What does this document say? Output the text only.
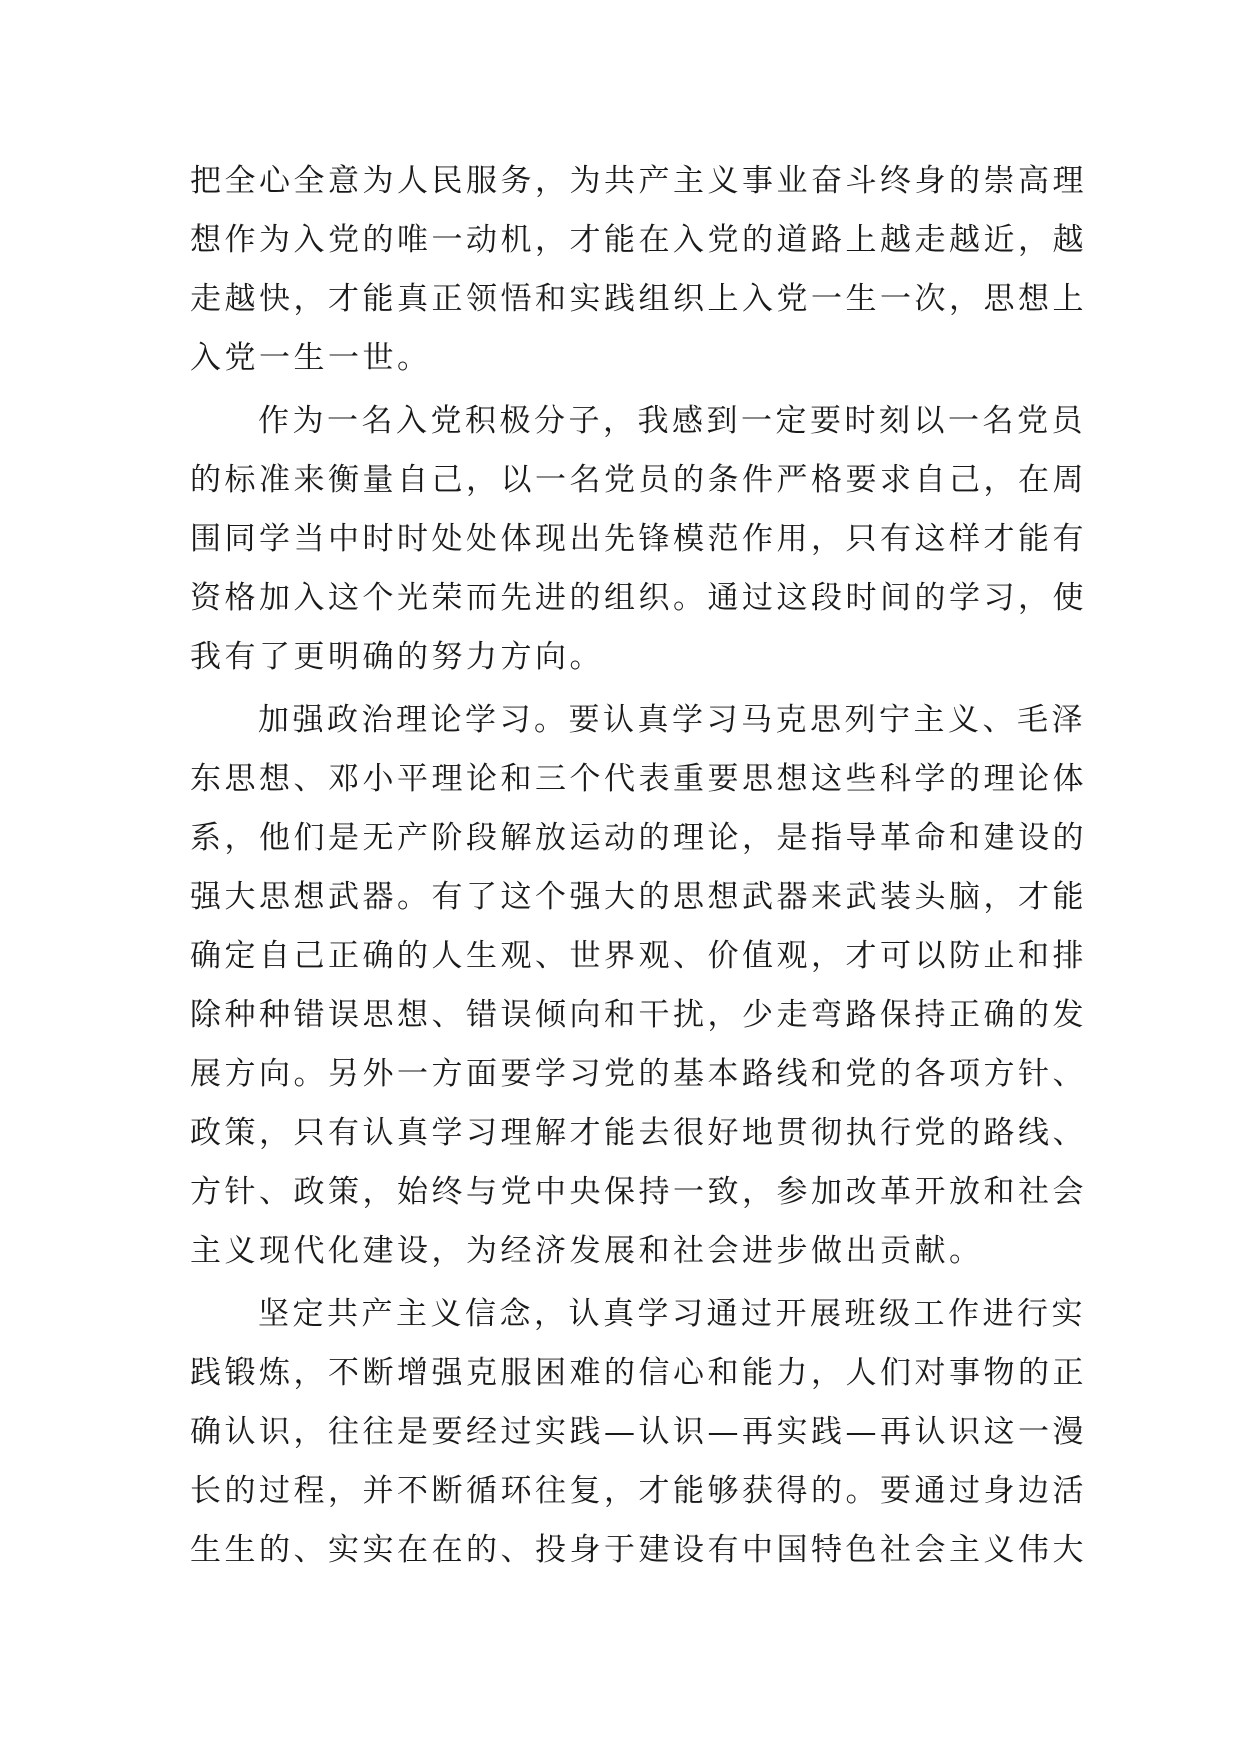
把全心全意为人民服务，为共产主义事业奋斗终身的崇高理
想作为入党的唯一动机，才能在入党的道路上越走越近，越
走越快，才能真正领悟和实践组织上入党一生一次，思想上
入党一生一世。
作为一名入党积极分子，我感到一定要时刻以一名党员
的标准来衡量自己，以一名党员的条件严格要求自己，在周
围同学当中时时处处体现出先锋模范作用，只有这样才能有
资格加入这个光荣而先进的组织。通过这段时间的学习，使
我有了更明确的努力方向。
加强政治理论学习。要认真学习马克思列宁主义、毛泽
东思想、邓小平理论和三个代表重要思想这些科学的理论体
系，他们是无产阶段解放运动的理论，是指导革命和建设的
强大思想武器。有了这个强大的思想武器来武装头脑，才能
确定自己正确的人生观、世界观、价值观，才可以防止和排
除种种错误思想、错误倾向和干扰，少走弯路保持正确的发
展方向。另外一方面要学习党的基本路线和党的各项方针、
政策，只有认真学习理解才能去很好地贯彻执行党的路线、
方针、政策，始终与党中央保持一致，参加改革开放和社会
主义现代化建设，为经济发展和社会进步做出贡献。
坚定共产主义信念，认真学习通过开展班级工作进行实
践锻炼，不断增强克服困难的信心和能力，人们对事物的正
确认识，往往是要经过实践—认识—再实践—再认识这一漫
长的过程，并不断循环往复，才能够获得的。要通过身边活
生生的、实实在在的、投身于建设有中国特色社会主义伟大
